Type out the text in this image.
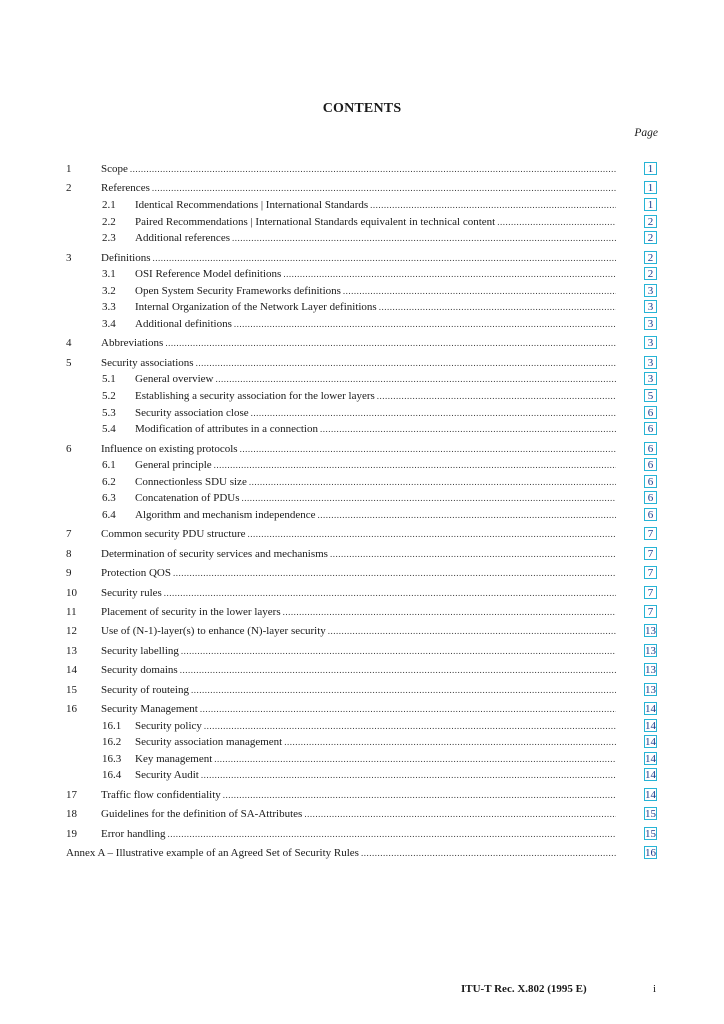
CONTENTS
Page
1	Scope .....	1
2	References .....	1
2.1 Identical Recommendations | International Standards .....	1
2.2 Paired Recommendations | International Standards equivalent in technical content .....	2
2.3 Additional references .....	2
3	Definitions .....	2
3.1 OSI Reference Model definitions .....	2
3.2 Open System Security Frameworks definitions .....	3
3.3 Internal Organization of the Network Layer definitions .....	3
3.4 Additional definitions .....	3
4	Abbreviations .....	3
5	Security associations .....	3
5.1 General overview .....	3
5.2 Establishing a security association for the lower layers .....	5
5.3 Security association close .....	6
5.4 Modification of attributes in a connection .....	6
6	Influence on existing protocols .....	6
6.1 General principle .....	6
6.2 Connectionless SDU size .....	6
6.3 Concatenation of PDUs .....	6
6.4 Algorithm and mechanism independence .....	6
7	Common security PDU structure .....	7
8	Determination of security services and mechanisms .....	7
9	Protection QOS .....	7
10 Security rules .....	7
11 Placement of security in the lower layers .....	7
12 Use of (N-1)-layer(s) to enhance (N)-layer security .....	13
13 Security labelling .....	13
14 Security domains .....	13
15 Security of routeing .....	13
16 Security Management .....	14
16.1 Security policy .....	14
16.2 Security association management .....	14
16.3 Key management .....	14
16.4 Security Audit .....	14
17 Traffic flow confidentiality .....	14
18 Guidelines for the definition of SA-Attributes .....	15
19 Error handling .....	15
Annex A – Illustrative example of an Agreed Set of Security Rules .....	16
ITU-T Rec. X.802 (1995 E)	i
